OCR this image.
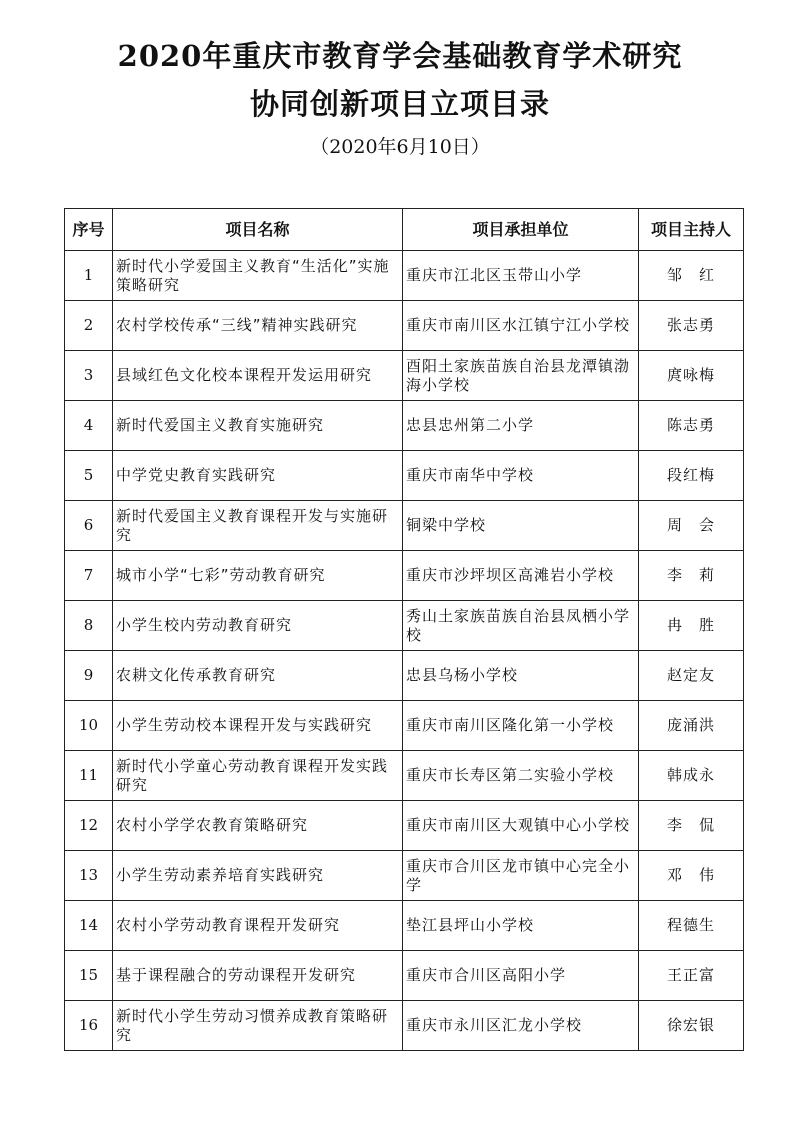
2020年重庆市教育学会基础教育学术研究
协同创新项目立项目录
（2020年6月10日）
序号	项目名称	项目承担单位	项目主持人
1	新时代小学爱国主义教育“生活化”实施策略研究	重庆市江北区玉带山小学	邹　红
2	农村学校传承“三线”精神实践研究	重庆市南川区水江镇宁江小学校	张志勇
3	县域红色文化校本课程开发运用研究	酉阳土家族苗族自治县龙潭镇渤海小学校	庹咏梅
4	新时代爱国主义教育实施研究	忠县忠州第二小学	陈志勇
5	中学党史教育实践研究	重庆市南华中学校	段红梅
6	新时代爱国主义教育课程开发与实施研究	铜梁中学校	周　会
7	城市小学“七彩”劳动教育研究	重庆市沙坪坝区高滩岩小学校	李　莉
8	小学生校内劳动教育研究	秀山土家族苗族自治县凤栖小学校	冉　胜
9	农耕文化传承教育研究	忠县乌杨小学校	赵定友
10	小学生劳动校本课程开发与实践研究	重庆市南川区隆化第一小学校	庞涌洪
11	新时代小学童心劳动教育课程开发实践研究	重庆市长寿区第二实验小学校	韩成永
12	农村小学学农教育策略研究	重庆市南川区大观镇中心小学校	李　侃
13	小学生劳动素养培育实践研究	重庆市合川区龙市镇中心完全小学	邓　伟
14	农村小学劳动教育课程开发研究	垫江县坪山小学校	程德生
15	基于课程融合的劳动课程开发研究	重庆市合川区高阳小学	王正富
16	新时代小学生劳动习惯养成教育策略研究	重庆市永川区汇龙小学校	徐宏银
